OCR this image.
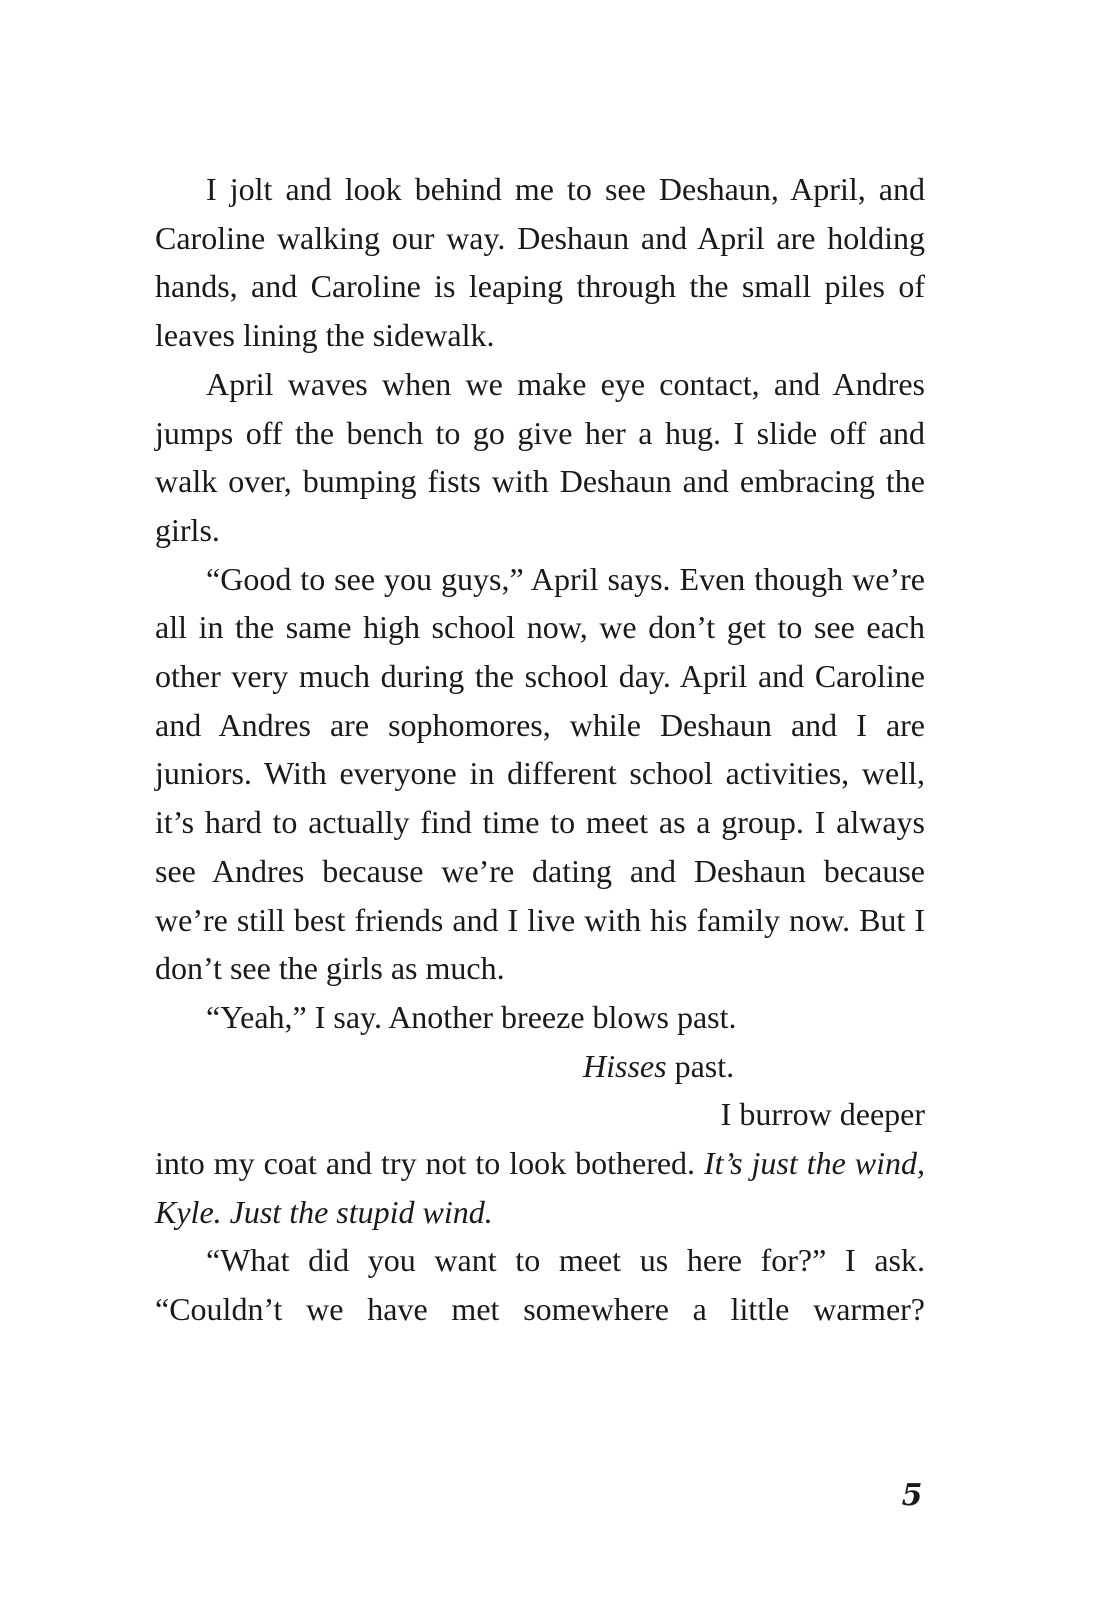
I jolt and look behind me to see Deshaun, April, and Caroline walking our way. Deshaun and April are holding hands, and Caroline is leaping through the small piles of leaves lining the sidewalk.

April waves when we make eye contact, and Andres jumps off the bench to go give her a hug. I slide off and walk over, bumping fists with Deshaun and embracing the girls.

“Good to see you guys,” April says. Even though we’re all in the same high school now, we don’t get to see each other very much during the school day. April and Caroline and Andres are sophomores, while Deshaun and I are juniors. With everyone in different school activities, well, it’s hard to actually find time to meet as a group. I always see Andres because we’re dating and Deshaun because we’re still best friends and I live with his family now. But I don’t see the girls as much.

“Yeah,” I say. Another breeze blows past.

Hisses past.

I burrow deeper

into my coat and try not to look bothered. It’s just the wind, Kyle. Just the stupid wind.

“What did you want to meet us here for?” I ask. “Couldn’t we have met somewhere a little warmer?

5
